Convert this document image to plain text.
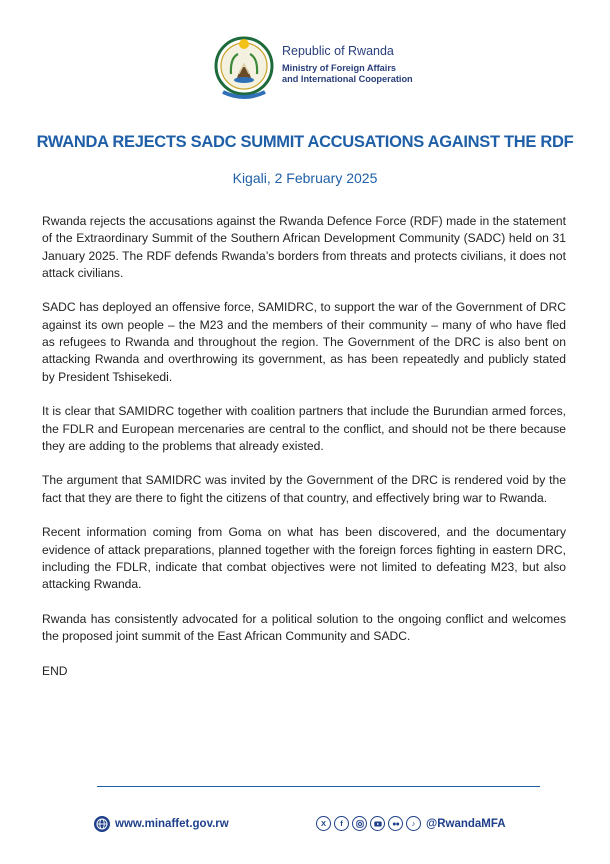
Republic of Rwanda
Ministry of Foreign Affairs
and International Cooperation
RWANDA REJECTS SADC SUMMIT ACCUSATIONS AGAINST THE RDF
Kigali, 2 February 2025

Rwanda rejects the accusations against the Rwanda Defence Force (RDF) made in the statement of the Extraordinary Summit of the Southern African Development Community (SADC) held on 31 January 2025. The RDF defends Rwanda’s borders from threats and protects civilians, it does not attack civilians.

SADC has deployed an offensive force, SAMIDRC, to support the war of the Government of DRC against its own people – the M23 and the members of their community – many of who have fled as refugees to Rwanda and throughout the region. The Government of the DRC is also bent on attacking Rwanda and overthrowing its government, as has been repeatedly and publicly stated by President Tshisekedi.

It is clear that SAMIDRC together with coalition partners that include the Burundian armed forces, the FDLR and European mercenaries are central to the conflict, and should not be there because they are adding to the problems that already existed.

The argument that SAMIDRC was invited by the Government of the DRC is rendered void by the fact that they are there to fight the citizens of that country, and effectively bring war to Rwanda.

Recent information coming from Goma on what has been discovered, and the documentary evidence of attack preparations, planned together with the foreign forces fighting in eastern DRC, including the FDLR, indicate that combat objectives were not limited to defeating M23, but also attacking Rwanda.

Rwanda has consistently advocated for a political solution to the ongoing conflict and welcomes the proposed joint summit of the East African Community and SADC.

END

www.minaffet.gov.rw	X	f	♪ @RwandaMFA
